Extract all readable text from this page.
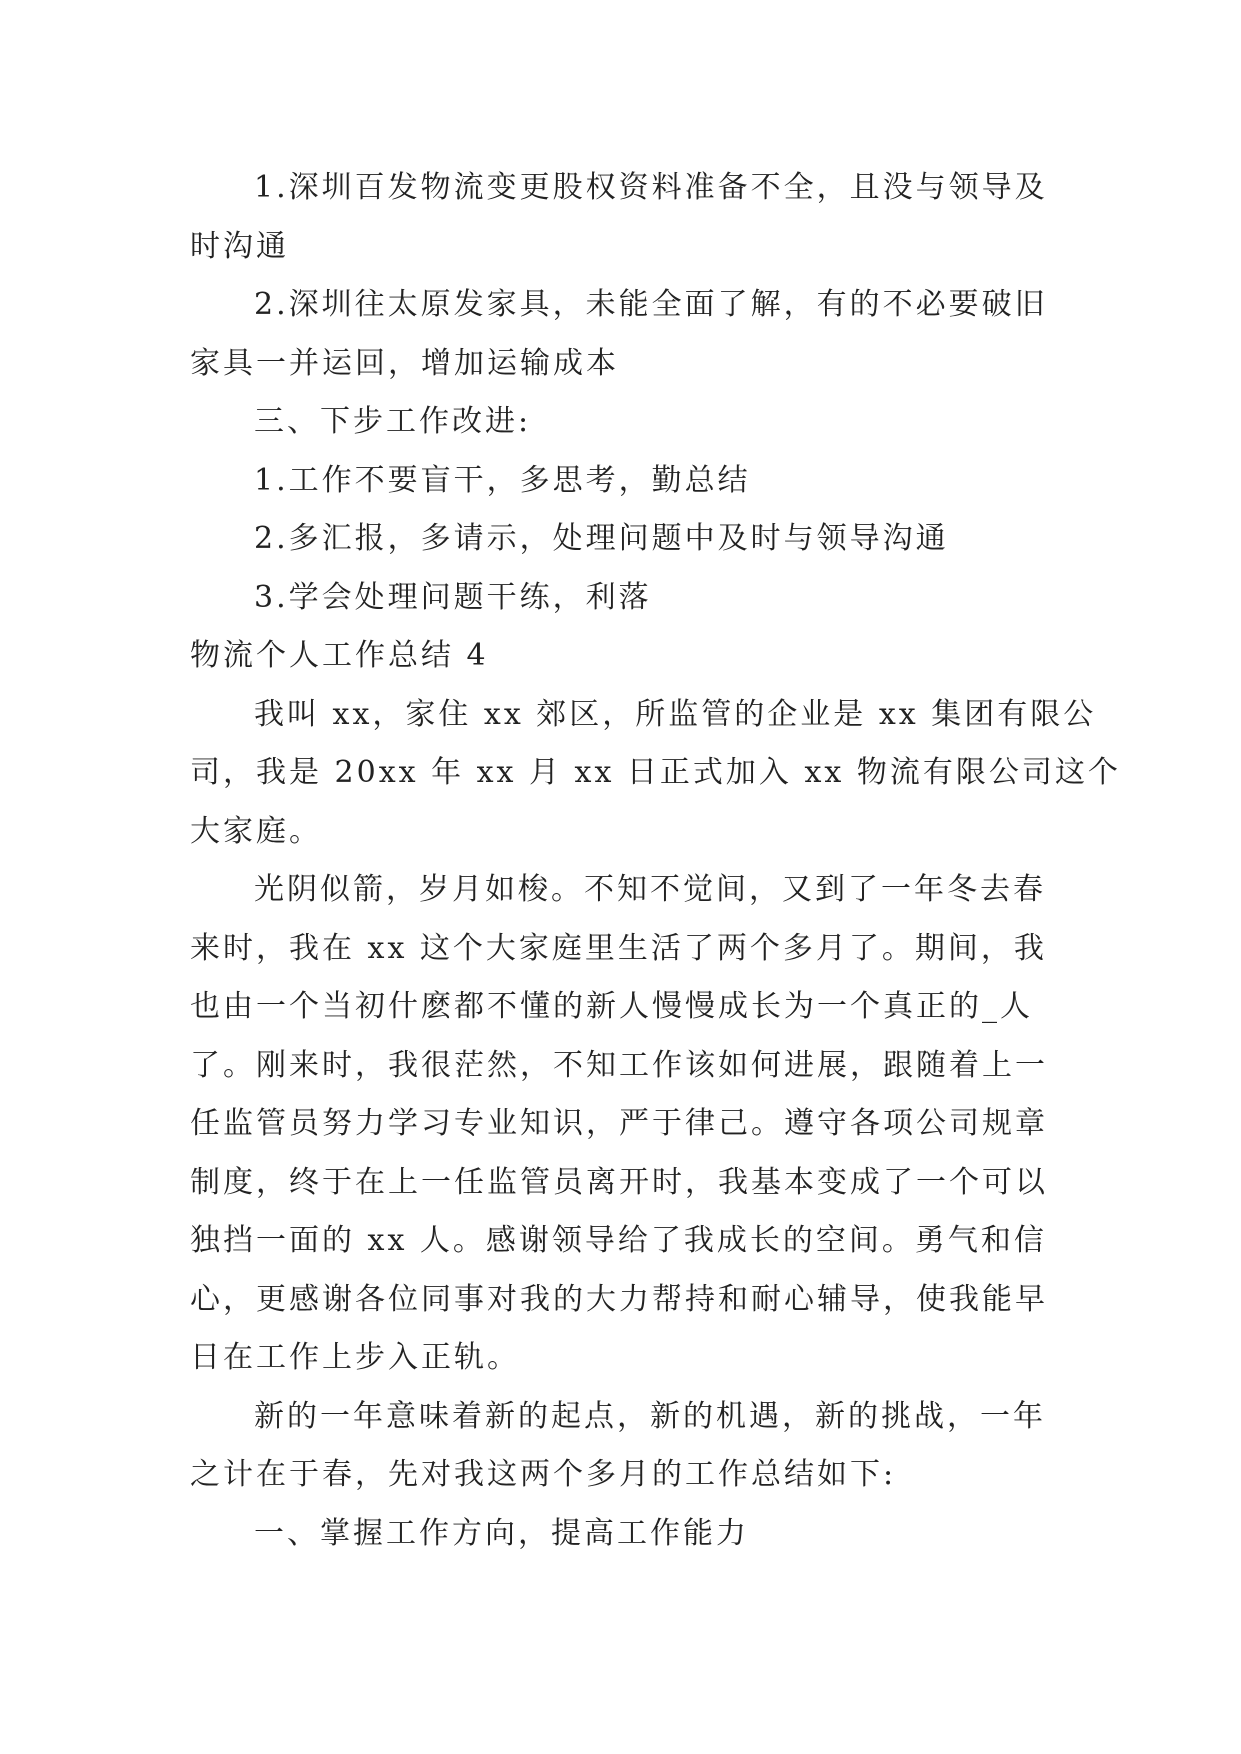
1.深圳百发物流变更股权资料准备不全，且没与领导及

时沟通

2.深圳往太原发家具，未能全面了解，有的不必要破旧

家具一并运回，增加运输成本

三、下步工作改进:

1.工作不要盲干，多思考，勤总结

2.多汇报，多请示，处理问题中及时与领导沟通

3.学会处理问题干练，利落

物流个人工作总结 4

我叫 xx，家住 xx 郊区，所监管的企业是 xx 集团有限公

司，我是 20xx 年 xx 月 xx 日正式加入 xx 物流有限公司这个

大家庭。

光阴似箭，岁月如梭。不知不觉间，又到了一年冬去春

来时，我在 xx 这个大家庭里生活了两个多月了。期间，我

也由一个当初什麽都不懂的新人慢慢成长为一个真正的_人

了。刚来时，我很茫然，不知工作该如何进展，跟随着上一

任监管员努力学习专业知识，严于律己。遵守各项公司规章

制度，终于在上一任监管员离开时，我基本变成了一个可以

独挡一面的 xx 人。感谢领导给了我成长的空间。勇气和信

心，更感谢各位同事对我的大力帮持和耐心辅导，使我能早

日在工作上步入正轨。

新的一年意味着新的起点，新的机遇，新的挑战，一年

之计在于春，先对我这两个多月的工作总结如下:

一、掌握工作方向，提高工作能力
